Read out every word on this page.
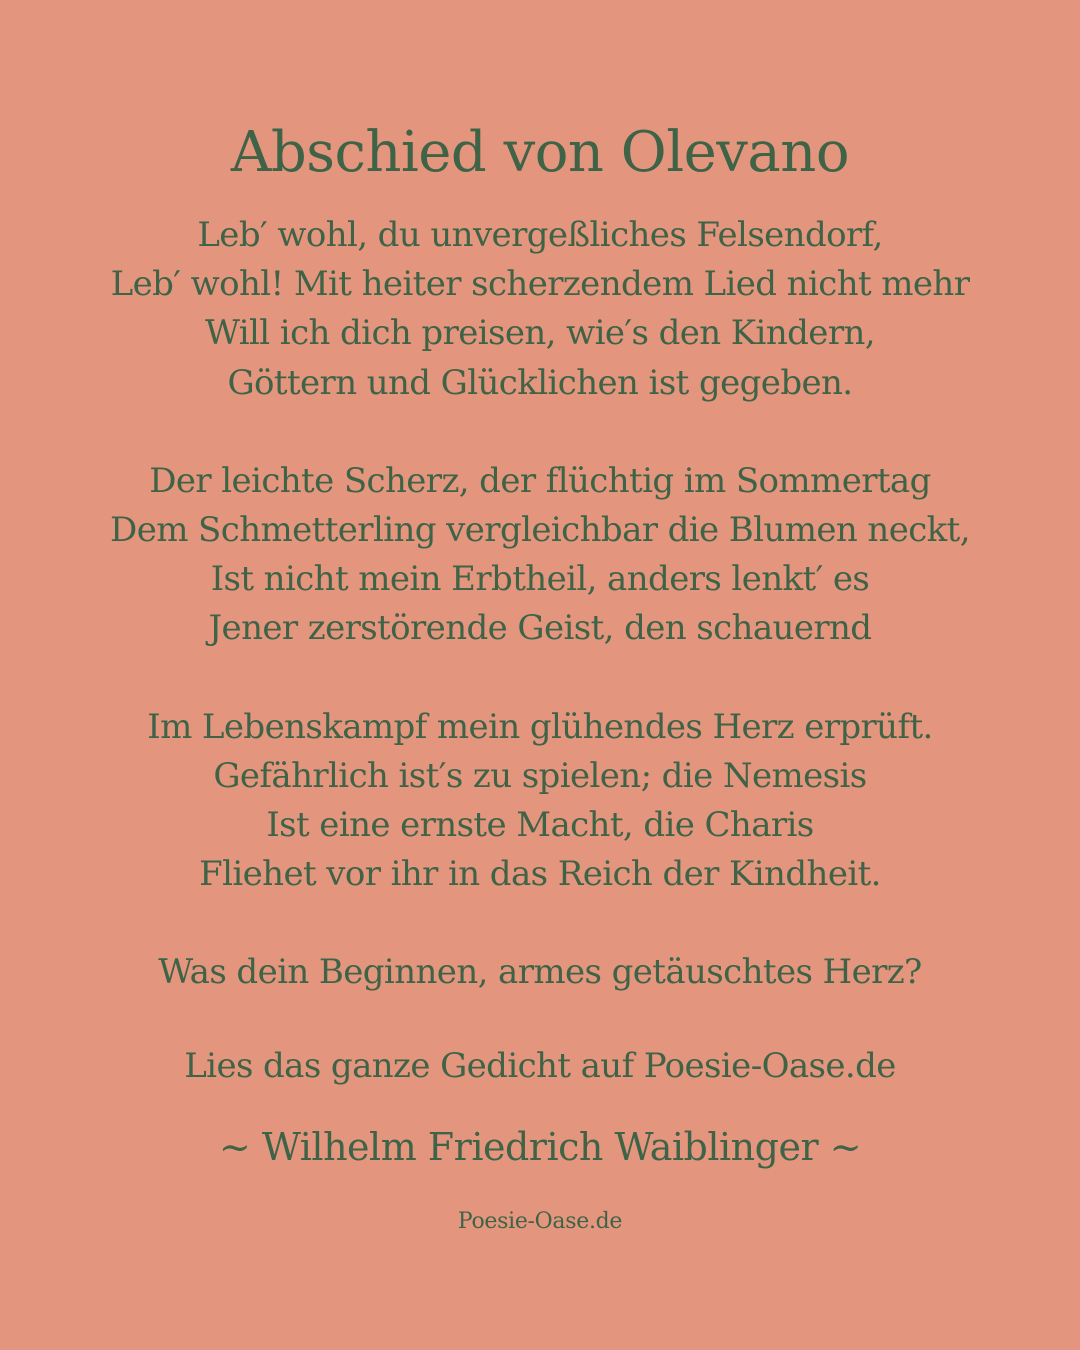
Abschied von Olevano
Leb′ wohl, du unvergeßliches Felsendorf,
Leb′ wohl! Mit heiter scherzendem Lied nicht mehr
Will ich dich preisen, wie′s den Kindern,
Göttern und Glücklichen ist gegeben.
Der leichte Scherz, der flüchtig im Sommertag
Dem Schmetterling vergleichbar die Blumen neckt,
Ist nicht mein Erbtheil, anders lenkt′ es
Jener zerstörende Geist, den schauernd
Im Lebenskampf mein glühendes Herz erprüft.
Gefährlich ist′s zu spielen; die Nemesis
Ist eine ernste Macht, die Charis
Fliehet vor ihr in das Reich der Kindheit.
Was dein Beginnen, armes getäuschtes Herz?

Lies das ganze Gedicht auf Poesie-Oase.de

~ Wilhelm Friedrich Waiblinger ~

Poesie-Oase.de
